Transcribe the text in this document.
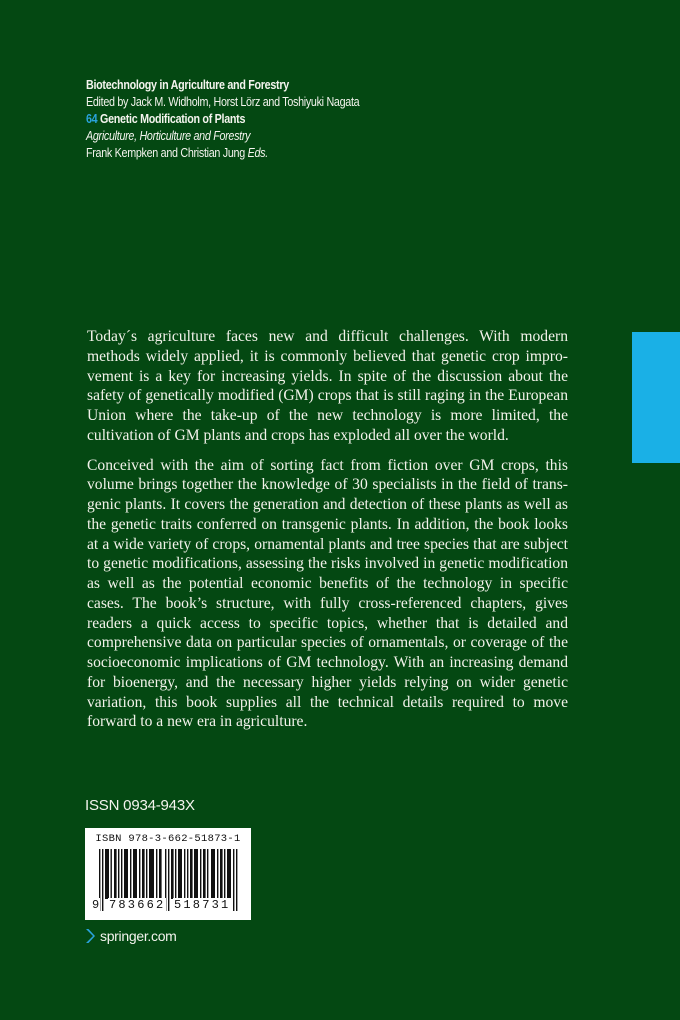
Biotechnology in Agriculture and Forestry
Edited by Jack M. Widholm, Horst Lörz and Toshiyuki Nagata
64 Genetic Modification of Plants
Agriculture, Horticulture and Forestry
Frank Kempken and Christian Jung Eds.

Today´s agriculture faces new and difficult challenges. With modern methods widely applied, it is commonly believed that genetic crop improvement is a key for increasing yields. In spite of the discussion about the safety of genetically modified (GM) crops that is still raging in the European Union where the take-up of the new technology is more limited, the cultivation of GM plants and crops has exploded all over the world.

Conceived with the aim of sorting fact from fiction over GM crops, this volume brings together the knowledge of 30 specialists in the field of transgenic plants. It covers the generation and detection of these plants as well as the genetic traits conferred on transgenic plants. In addition, the book looks at a wide variety of crops, ornamental plants and tree species that are subject to genetic modifications, assessing the risks involved in genetic modification as well as the potential economic benefits of the technology in specific cases. The book’s structure, with fully cross-referenced chapters, gives readers a quick access to specific topics, whether that is detailed and comprehensive data on particular species of ornamentals, or coverage of the socioeconomic implications of GM technology. With an increasing demand for bioenergy, and the necessary higher yields relying on wider genetic variation, this book supplies all the technical details required to move forward to a new era in agriculture.

ISSN 0934-943X
ISBN 978-3-662-51873-1
9 783662 518731
springer.com
